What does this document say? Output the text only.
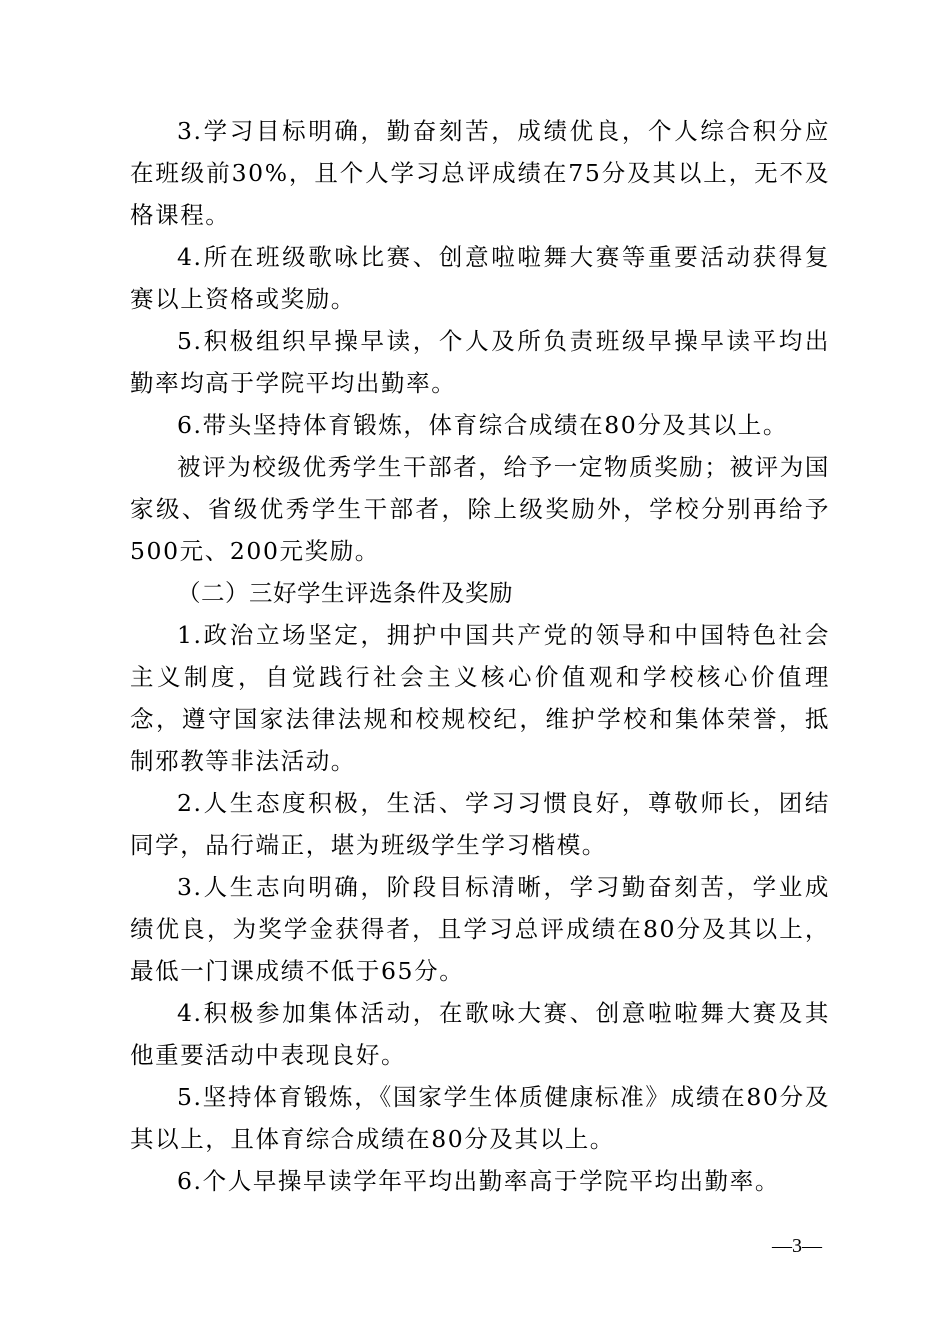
3.学习目标明确，勤奋刻苦，成绩优良，个人综合积分应在班级前30%，且个人学习总评成绩在75分及其以上，无不及格课程。

4.所在班级歌咏比赛、创意啦啦舞大赛等重要活动获得复赛以上资格或奖励。

5.积极组织早操早读，个人及所负责班级早操早读平均出勤率均高于学院平均出勤率。

6.带头坚持体育锻炼，体育综合成绩在80分及其以上。

被评为校级优秀学生干部者，给予一定物质奖励；被评为国家级、省级优秀学生干部者，除上级奖励外，学校分别再给予500元、200元奖励。

（二）三好学生评选条件及奖励

1.政治立场坚定，拥护中国共产党的领导和中国特色社会主义制度，自觉践行社会主义核心价值观和学校核心价值理念，遵守国家法律法规和校规校纪，维护学校和集体荣誉，抵制邪教等非法活动。

2.人生态度积极，生活、学习习惯良好，尊敬师长，团结同学，品行端正，堪为班级学生学习楷模。

3.人生志向明确，阶段目标清晰，学习勤奋刻苦，学业成绩优良，为奖学金获得者，且学习总评成绩在80分及其以上，最低一门课成绩不低于65分。

4.积极参加集体活动，在歌咏大赛、创意啦啦舞大赛及其他重要活动中表现良好。

5.坚持体育锻炼，《国家学生体质健康标准》成绩在80分及其以上，且体育综合成绩在80分及其以上。

6.个人早操早读学年平均出勤率高于学院平均出勤率。

—3—
